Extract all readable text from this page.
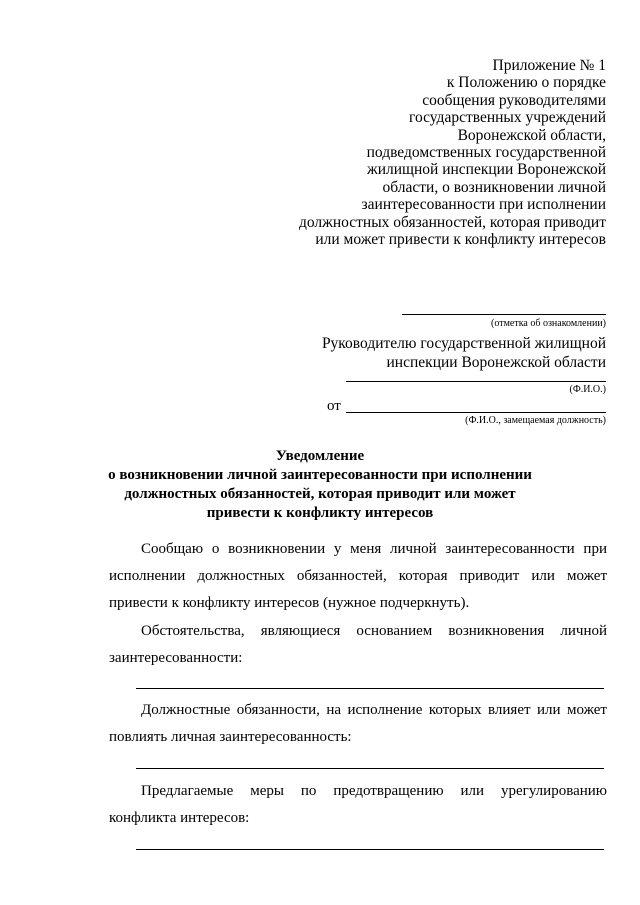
Приложение № 1
к Положению о порядке
сообщения руководителями
государственных учреждений
Воронежской области,
подведомственных государственной
жилищной инспекции Воронежской
области, о возникновении личной
заинтересованности при исполнении
должностных обязанностей, которая приводит
или может привести к конфликту интересов
(отметка об ознакомлении)
Руководителю государственной жилищной
инспекции Воронежской области
(Ф.И.О.)
от
(Ф.И.О., замещаемая должность)
Уведомление
о возникновении личной заинтересованности при исполнении
должностных обязанностей, которая приводит или может
привести к конфликту интересов
Сообщаю о возникновении у меня личной заинтересованности при
исполнении должностных обязанностей, которая приводит или может
привести к конфликту интересов (нужное подчеркнуть).
Обстоятельства, являющиеся основанием возникновения личной
заинтересованности:
Должностные обязанности, на исполнение которых влияет или может
повлиять личная заинтересованность:
Предлагаемые меры по предотвращению или урегулированию
конфликта интересов:
